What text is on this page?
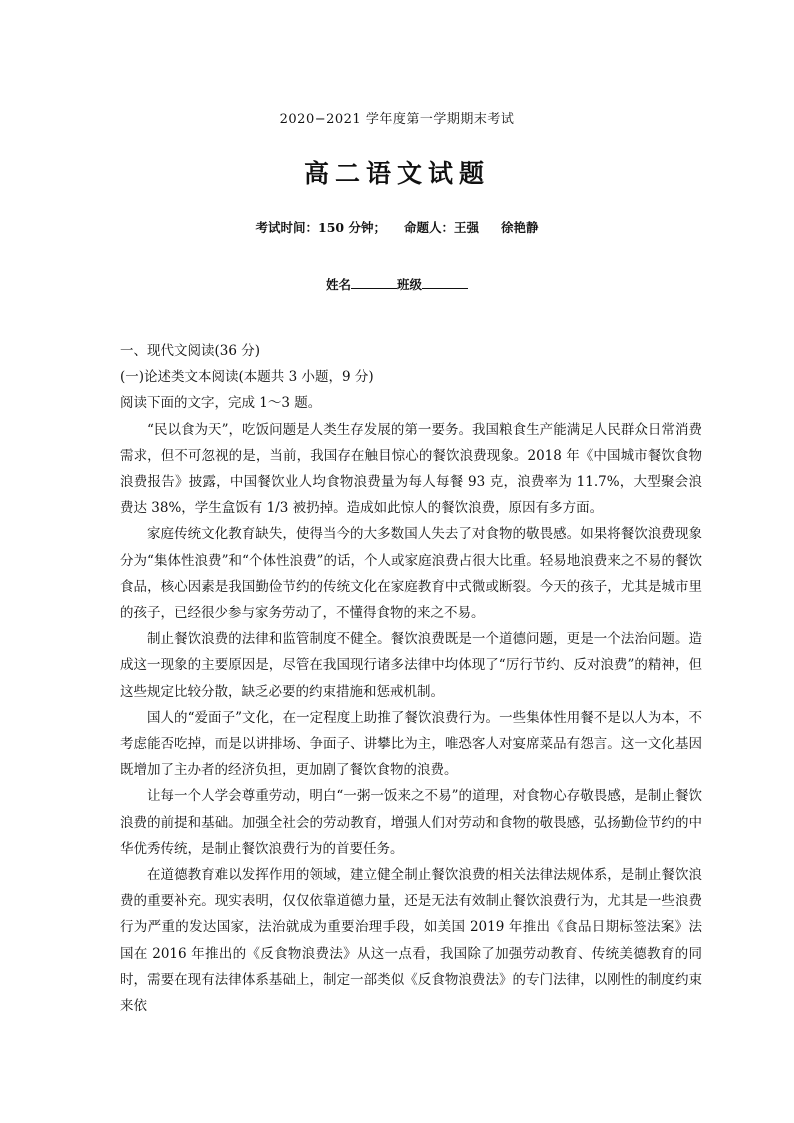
2020−2021 学年度第一学期期末考试
高二语文试题
考试时间：150 分钟； 命题人：王强 徐艳静
姓名	班级

一、现代文阅读(36 分)

(一)论述类文本阅读(本题共 3 小题，9 分)

阅读下面的文字，完成 1～3 题。

“民以食为天”，吃饭问题是人类生存发展的第一要务。我国粮食生产能满足人民群众日常消费需求，但不可忽视的是，当前，我国存在触目惊心的餐饮浪费现象。2018 年《中国城市餐饮食物浪费报告》披露，中国餐饮业人均食物浪费量为每人每餐 93 克，浪费率为 11.7%，大型聚会浪费达 38%，学生盒饭有 1/3 被扔掉。造成如此惊人的餐饮浪费，原因有多方面。

家庭传统文化教育缺失，使得当今的大多数国人失去了对食物的敬畏感。如果将餐饮浪费现象分为“集体性浪费”和“个体性浪费”的话，个人或家庭浪费占很大比重。轻易地浪费来之不易的餐饮食品，核心因素是我国勤俭节约的传统文化在家庭教育中式微或断裂。今天的孩子，尤其是城市里的孩子，已经很少参与家务劳动了，不懂得食物的来之不易。

制止餐饮浪费的法律和监管制度不健全。餐饮浪费既是一个道德问题，更是一个法治问题。造成这一现象的主要原因是，尽管在我国现行诸多法律中均体现了“厉行节约、反对浪费”的精神，但这些规定比较分散，缺乏必要的约束措施和惩戒机制。

国人的“爱面子”文化，在一定程度上助推了餐饮浪费行为。一些集体性用餐不是以人为本，不考虑能否吃掉，而是以讲排场、争面子、讲攀比为主，唯恐客人对宴席菜品有怨言。这一文化基因既增加了主办者的经济负担，更加剧了餐饮食物的浪费。

让每一个人学会尊重劳动，明白“一粥一饭来之不易”的道理，对食物心存敬畏感，是制止餐饮浪费的前提和基础。加强全社会的劳动教育，增强人们对劳动和食物的敬畏感，弘扬勤俭节约的中华优秀传统，是制止餐饮浪费行为的首要任务。

在道德教育难以发挥作用的领域，建立健全制止餐饮浪费的相关法律法规体系，是制止餐饮浪费的重要补充。现实表明，仅仅依靠道德力量，还是无法有效制止餐饮浪费行为，尤其是一些浪费行为严重的发达国家，法治就成为重要治理手段，如美国 2019 年推出《食品日期标签法案》法国在 2016 年推出的《反食物浪费法》从这一点看，我国除了加强劳动教育、传统美德教育的同时，需要在现有法律体系基础上，制定一部类似《反食物浪费法》的专门法律，以刚性的制度约束来依
